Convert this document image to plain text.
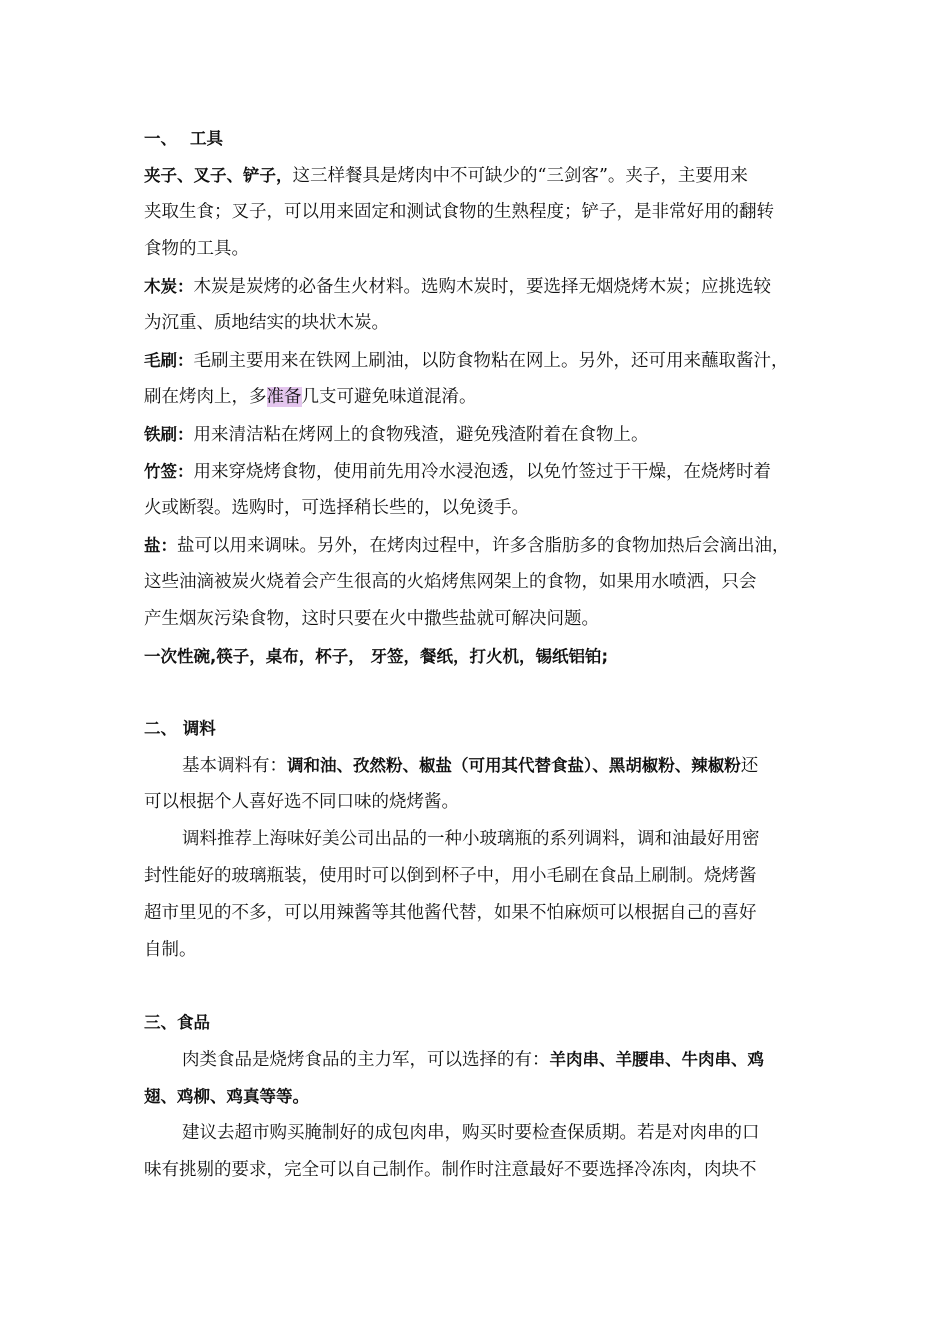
一、 工具
夹子、叉子、铲子，这三样餐具是烤肉中不可缺少的“三剑客”。夹子，主要用来
夹取生食；叉子，可以用来固定和测试食物的生熟程度；铲子，是非常好用的翻转
食物的工具。
木炭：木炭是炭烤的必备生火材料。选购木炭时，要选择无烟烧烤木炭；应挑选较
为沉重、质地结实的块状木炭。
毛刷：毛刷主要用来在铁网上刷油，以防食物粘在网上。另外，还可用来蘸取酱汁，
刷在烤肉上，多准备几支可避免味道混淆。
铁刷：用来清洁粘在烤网上的食物残渣，避免残渣附着在食物上。
竹签：用来穿烧烤食物，使用前先用冷水浸泡透，以免竹签过于干燥，在烧烤时着
火或断裂。选购时，可选择稍长些的，以免烫手。
盐：盐可以用来调味。另外，在烤肉过程中，许多含脂肪多的食物加热后会滴出油，
这些油滴被炭火烧着会产生很高的火焰烤焦网架上的食物，如果用水喷洒，只会
产生烟灰污染食物，这时只要在火中撒些盐就可解决问题。
一次性碗,筷子，桌布，杯子， 牙签，餐纸，打火机，锡纸铝铂;
二、 调料
基本调料有：调和油、孜然粉、椒盐（可用其代替食盐）、黑胡椒粉、辣椒粉还
可以根据个人喜好选不同口味的烧烤酱。
调料推荐上海味好美公司出品的一种小玻璃瓶的系列调料，调和油最好用密
封性能好的玻璃瓶装，使用时可以倒到杯子中，用小毛刷在食品上刷制。烧烤酱
超市里见的不多，可以用辣酱等其他酱代替，如果不怕麻烦可以根据自己的喜好
自制。
三、食品
肉类食品是烧烤食品的主力军，可以选择的有：羊肉串、羊腰串、牛肉串、鸡
翅、鸡柳、鸡真等等。
建议去超市购买腌制好的成包肉串，购买时要检查保质期。若是对肉串的口
味有挑剔的要求，完全可以自己制作。制作时注意最好不要选择冷冻肉，肉块不
